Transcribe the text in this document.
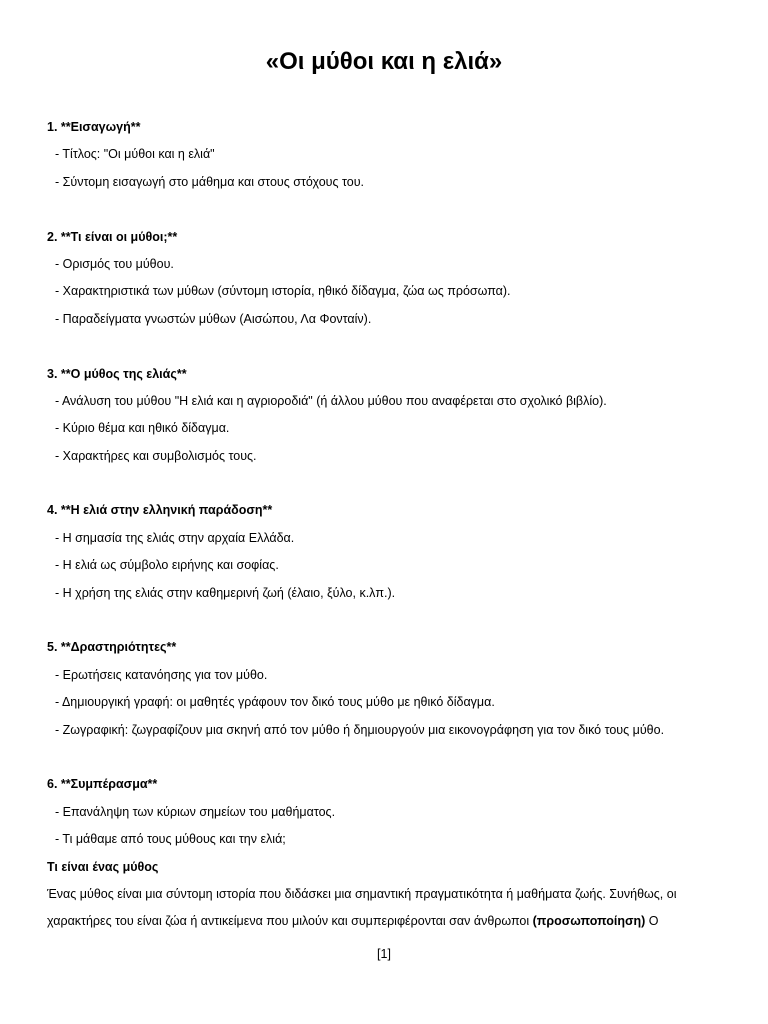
«Οι μύθοι και η ελιά»
1. **Εισαγωγή**
- Τίτλος: "Οι μύθοι και η ελιά"
- Σύντομη εισαγωγή στο μάθημα και στους στόχους του.
2. **Τι είναι οι μύθοι;**
- Ορισμός του μύθου.
- Χαρακτηριστικά των μύθων (σύντομη ιστορία, ηθικό δίδαγμα, ζώα ως πρόσωπα).
- Παραδείγματα γνωστών μύθων (Αισώπου, Λα Φονταίν).
3. **Ο μύθος της ελιάς**
- Ανάλυση του μύθου "Η ελιά και η αγριοροδιά" (ή άλλου μύθου που αναφέρεται στο σχολικό βιβλίο).
- Κύριο θέμα και ηθικό δίδαγμα.
- Χαρακτήρες και συμβολισμός τους.
4. **Η ελιά στην ελληνική παράδοση**
- Η σημασία της ελιάς στην αρχαία Ελλάδα.
- Η ελιά ως σύμβολο ειρήνης και σοφίας.
- Η χρήση της ελιάς στην καθημερινή ζωή (έλαιο, ξύλο, κ.λπ.).
5. **Δραστηριότητες**
- Ερωτήσεις κατανόησης για τον μύθο.
- Δημιουργική γραφή: οι μαθητές γράφουν τον δικό τους μύθο με ηθικό δίδαγμα.
- Ζωγραφική: ζωγραφίζουν μια σκηνή από τον μύθο ή δημιουργούν μια εικονογράφηση για τον δικό τους μύθο.
6. **Συμπέρασμα**
- Επανάληψη των κύριων σημείων του μαθήματος.
- Τι μάθαμε από τους μύθους και την ελιά;
Τι είναι ένας μύθος

Ένας μύθος είναι μια σύντομη ιστορία που διδάσκει μια σημαντική πραγματικότητα ή μαθήματα ζωής. Συνήθως, οι χαρακτήρες του είναι ζώα ή αντικείμενα που μιλούν και συμπεριφέρονται σαν άνθρωποι (προσωποποίηση) Ο

[1]
